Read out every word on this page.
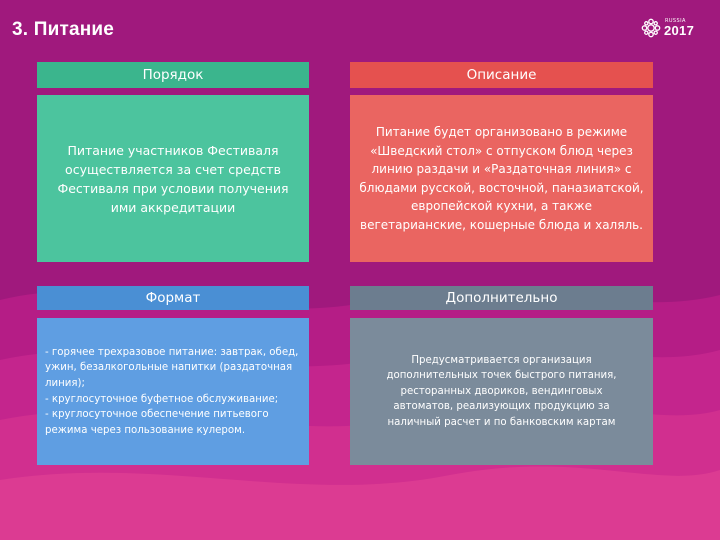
3. Питание	RUSSIA
2017
Порядок	Описание
Питание участников Фестиваля осуществляется за счет средств Фестиваля при условии получения ими аккредитации
Питание будет организовано в режиме «Шведский стол» с отпуском блюд через линию раздачи и «Раздаточная линия» с блюдами русской, восточной, паназиатской, европейской кухни, а также вегетарианские, кошерные блюда и халяль.
Формат	Дополнительно
- горячее трехразовое питание: завтрак, обед, ужин, безалкогольные напитки (раздаточная линия);
- круглосуточное буфетное обслуживание;
- круглосуточное обеспечение питьевого режима через пользование кулером.
Предусматривается организация дополнительных точек быстрого питания, ресторанных двориков, вендинговых автоматов, реализующих продукцию за наличный расчет и по банковским картам
